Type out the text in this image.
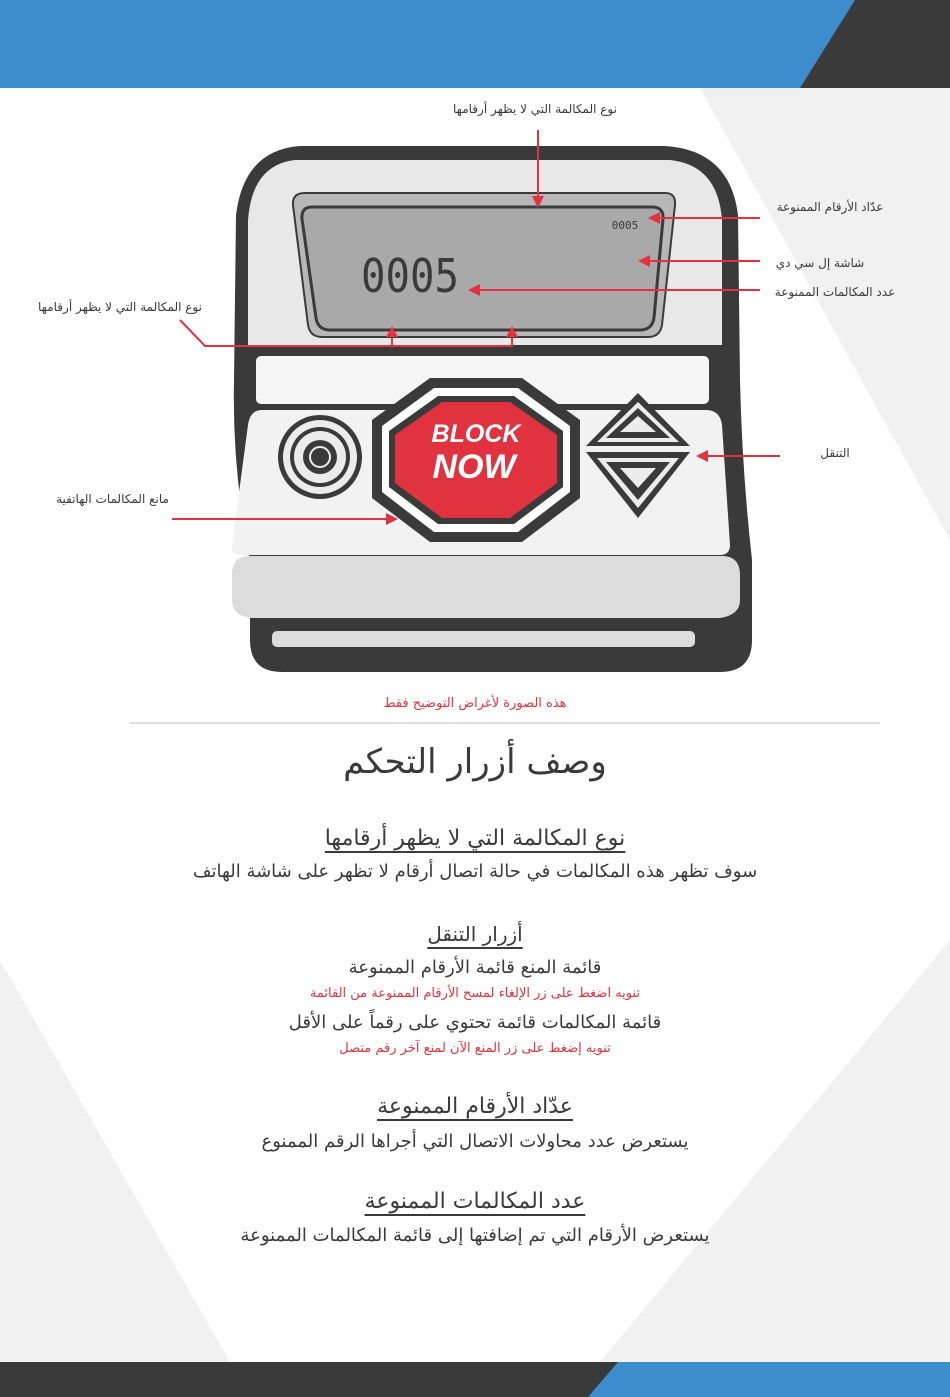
0005
0005
BLOCK
NOW
نوع المكالمة التي لا يظهر أرقامها
عدّاد الأرقام الممنوعة
شاشة إل سي دي
عدد المكالمات الممنوعة
نوع المكالمة التي لا يظهر أرقامها
التنقل
مانع المكالمات الهاتفية
هذه الصورة لأغراض التوضيح فقط
وصف أزرار التحكم
نوع المكالمة التي لا يظهر أرقامها
سوف تظهر هذه المكالمات في حالة اتصال أرقام لا تظهر على شاشة الهاتف
أزرار التنقل
قائمة المنع قائمة الأرقام الممنوعة
تنويه اضغط على زر الإلغاء لمسح الأرقام الممنوعة من القائمة
قائمة المكالمات قائمة تحتوي على رقماً على الأقل
تنويه إضغط على زر المنع الآن لمنع آخر رقم متصل
عدّاد الأرقام الممنوعة
يستعرض عدد محاولات الاتصال التي أجراها الرقم الممنوع
عدد المكالمات الممنوعة
يستعرض الأرقام التي تم إضافتها إلى قائمة المكالمات الممنوعة
